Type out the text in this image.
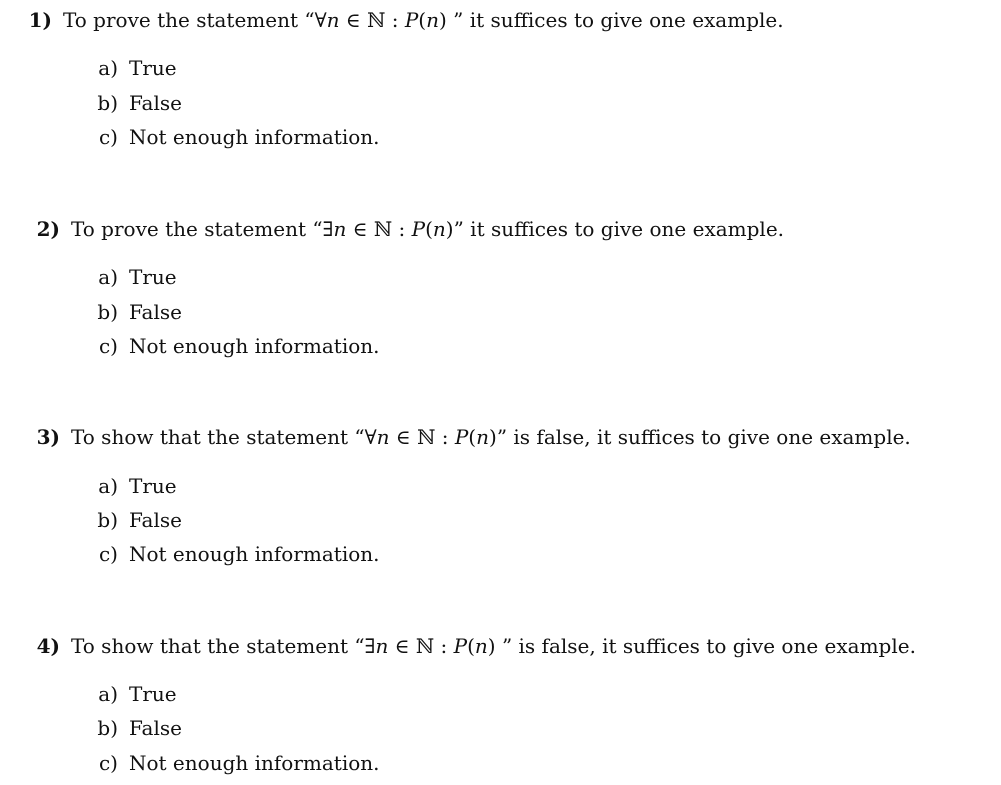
1) To prove the statement “∀n ∈ ℕ : P(n) ” it suffices to give one example.
a) True
b) False
c) Not enough information.
2) To prove the statement “∃n ∈ ℕ : P(n)” it suffices to give one example.
a) True
b) False
c) Not enough information.
3) To show that the statement “∀n ∈ ℕ : P(n)” is false, it suffices to give one example.
a) True
b) False
c) Not enough information.
4) To show that the statement “∃n ∈ ℕ : P(n) ” is false, it suffices to give one example.
a) True
b) False
c) Not enough information.
